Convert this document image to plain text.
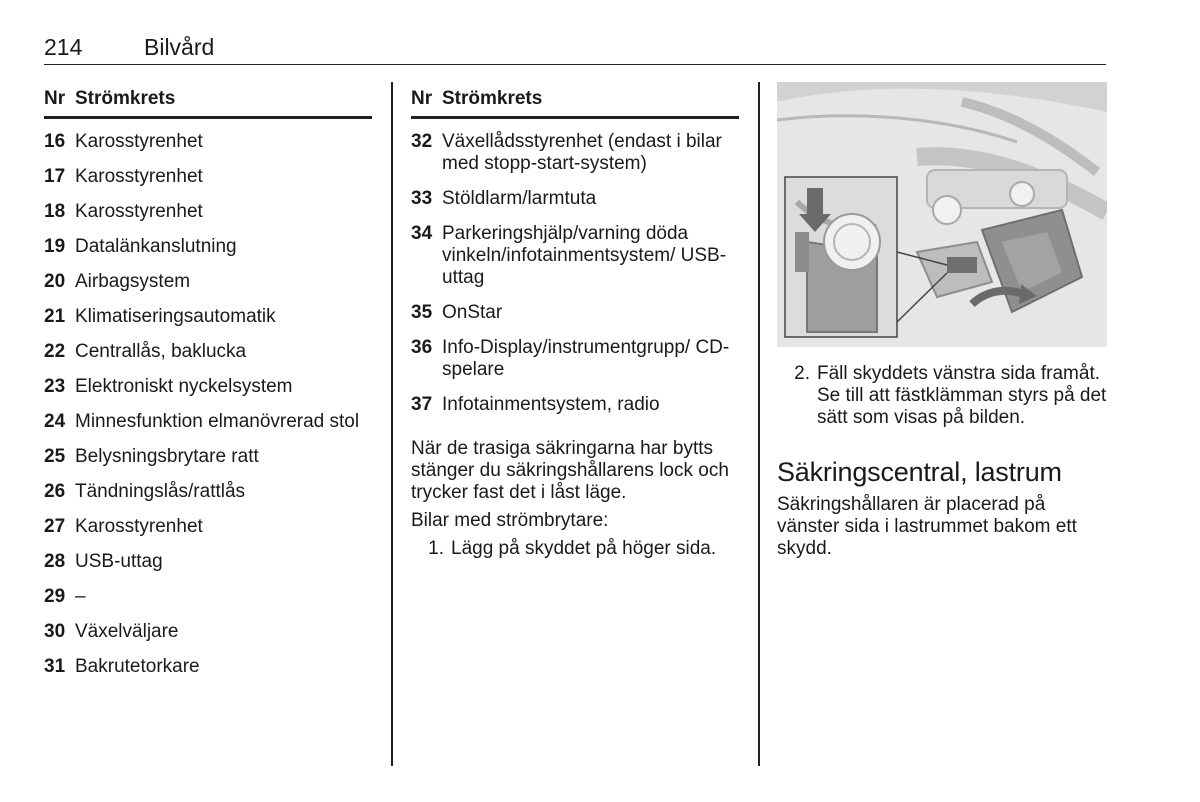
214	Bilvård
Nr Strömkrets
16 Karosstyrenhet
17 Karosstyrenhet
18 Karosstyrenhet
19 Datalänkanslutning
20 Airbagsystem
21 Klimatiseringsautomatik
22 Centrallås, baklucka
23 Elektroniskt nyckelsystem
24 Minnesfunktion elmanövrerad stol
25 Belysningsbrytare ratt
26 Tändningslås/rattlås
27 Karosstyrenhet
28 USB-uttag
29 –
30 Växelväljare
31 Bakrutetorkare
Nr Strömkrets
32 Växellådsstyrenhet (endast i bilar med stopp-start-system)
33 Stöldlarm/larmtuta
34 Parkeringshjälp/varning döda vinkeln/infotainmentsystem/ USB-uttag
35 OnStar
36 Info-Display/instrumentgrupp/ CD-spelare
37 Infotainmentsystem, radio

När de trasiga säkringarna har bytts stänger du säkringshållarens lock och trycker fast det i låst läge.

Bilar med strömbrytare:

1. Lägg på skyddet på höger sida.
2. Fäll skyddets vänstra sida framåt. Se till att fästklämman styrs på det sätt som visas på bilden.
Säkringscentral, lastrum

Säkringshållaren är placerad på vänster sida i lastrummet bakom ett skydd.
